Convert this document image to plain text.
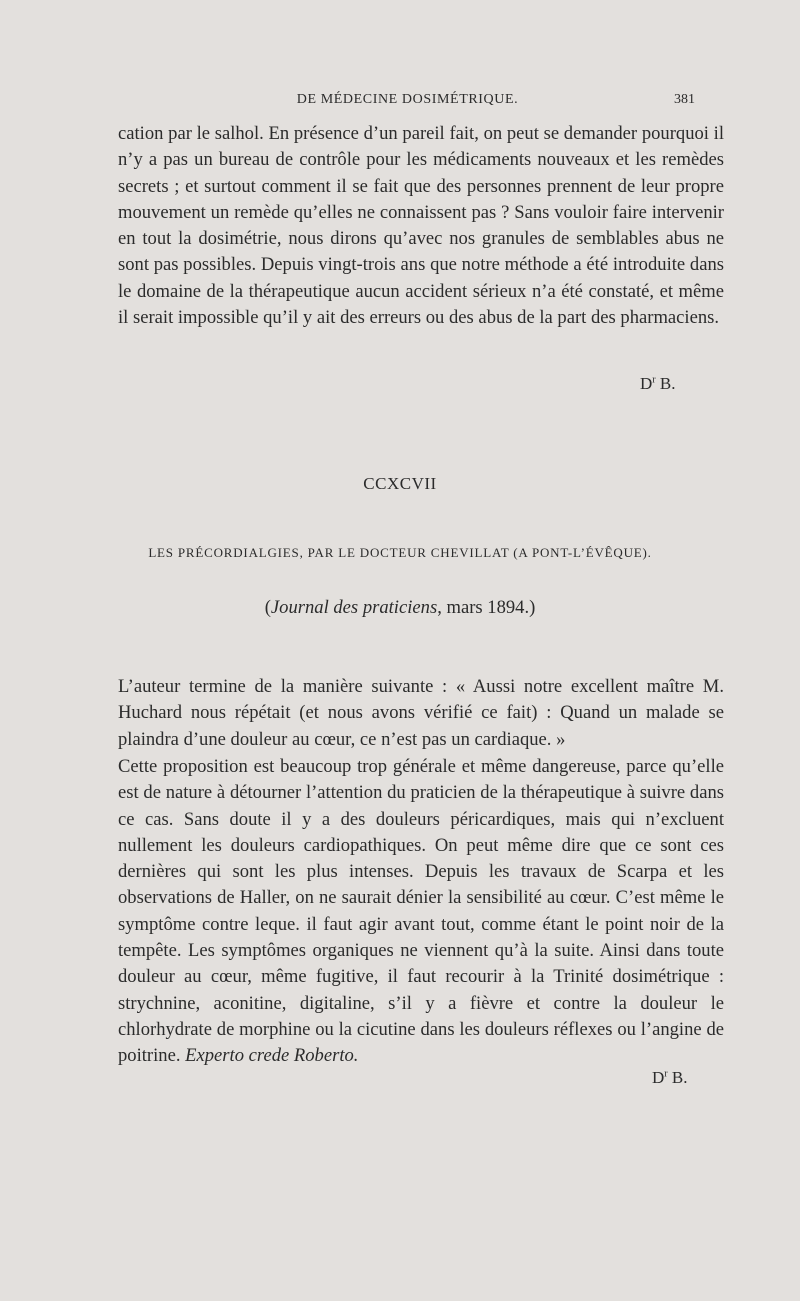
DE MÉDECINE DOSIMÉTRIQUE.	381

cation par le salhol. En présence d’un pareil fait, on peut se demander pourquoi il n’y a pas un bureau de contrôle pour les médicaments nouveaux et les remèdes secrets ; et surtout comment il se fait que des personnes prennent de leur propre mouvement un remède qu’elles ne connaissent pas ? Sans vouloir faire intervenir en tout la dosimétrie, nous dirons qu’avec nos granules de semblables abus ne sont pas possibles. Depuis vingt-trois ans que notre méthode a été introduite dans le domaine de la thérapeutique aucun accident sérieux n’a été constaté, et même il serait impossible qu’il y ait des erreurs ou des abus de la part des pharmaciens.

$D^r$ B.
CCXCVII
LES PRÉCORDIALGIES, PAR LE DOCTEUR CHEVILLAT (A PONT-L’ÉVÊQUE).
(Journal des praticiens, mars 1894.)

L’auteur termine de la manière suivante : « Aussi notre excellent maître M. Huchard nous répétait (et nous avons vérifié ce fait) : Quand un malade se plaindra d’une douleur au cœur, ce n’est pas un cardiaque. »

Cette proposition est beaucoup trop générale et même dangereuse, parce qu’elle est de nature à détourner l’attention du praticien de la thérapeutique à suivre dans ce cas. Sans doute il y a des douleurs péricardiques, mais qui n’excluent nullement les douleurs cardiopathiques. On peut même dire que ce sont ces dernières qui sont les plus intenses. Depuis les travaux de Scarpa et les observations de Haller, on ne saurait dénier la sensibilité au cœur. C’est même le symptôme contre leque. il faut agir avant tout, comme étant le point noir de la tempête. Les symptômes organiques ne viennent qu’à la suite. Ainsi dans toute douleur au cœur, même fugitive, il faut recourir à la Trinité dosimétrique : strychnine, aconitine, digitaline, s’il y a fièvre et contre la douleur le chlorhydrate de morphine ou la cicutine dans les douleurs réflexes ou l’angine de poitrine. Experto crede Roberto.

$D^r$ B.
